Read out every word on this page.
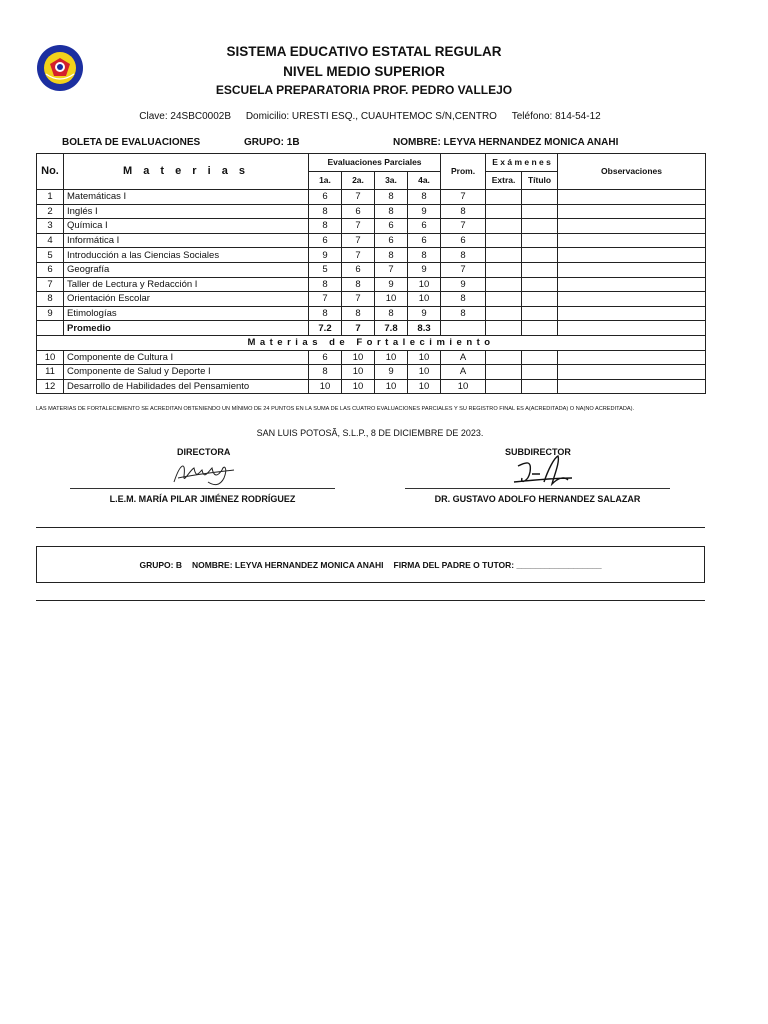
SISTEMA EDUCATIVO ESTATAL REGULAR
NIVEL MEDIO SUPERIOR
ESCUELA PREPARATORIA PROF. PEDRO VALLEJO
Clave: 24SBC0002B Domicilio: URESTI ESQ., CUAUHTEMOC S/N,CENTRO Teléfono: 814-54-12
BOLETA DE EVALUACIONES	GRUPO: 1B	NOMBRE: LEYVA HERNANDEZ MONICA ANAHI
No.	M a t e r i a s	Evaluaciones Parciales				Prom.	E x á m e n e s		Observaciones
		1a.	2a.	3a.	4a.		Extra.	Título	
1	Matemáticas I	6	7	8	8	7			
2	Inglés I	8	6	8	9	8			
3	Química I	8	7	6	6	7			
4	Informática I	6	7	6	6	6			
5	Introducción a las Ciencias Sociales	9	7	8	8	8			
6	Geografía	5	6	7	9	7			
7	Taller de Lectura y Redacción I	8	8	9	10	9			
8	Orientación Escolar	7	7	10	10	8			
9	Etimologías	8	8	8	9	8			
	Promedio	7.2	7	7.8	8.3				
Materias de Fortalecimiento									
10	Componente de Cultura I	6	10	10	10	A			
11	Componente de Salud y Deporte I	8	10	9	10	A			
12	Desarrollo de Habilidades del Pensamiento	10	10	10	10	10			
LAS MATERIAS DE FORTALECIMIENTO SE ACREDITAN OBTENIENDO UN MÍNIMO DE 24 PUNTOS EN LA SUMA DE LAS CUATRO EVALUACIONES PARCIALES Y SU REGISTRO FINAL ES A(ACREDITADA) O NA(NO ACREDITADA).
SAN LUIS POTOSÃ, S.L.P., 8 DE DICIEMBRE DE 2023.
DIRECTORA	SUBDIRECTOR
L.E.M. MARÍA PILAR JIMÉNEZ RODRÍGUEZ	DR. GUSTAVO ADOLFO HERNANDEZ SALAZAR
GRUPO: B NOMBRE: LEYVA HERNANDEZ MONICA ANAHI FIRMA DEL PADRE O TUTOR: __________________
